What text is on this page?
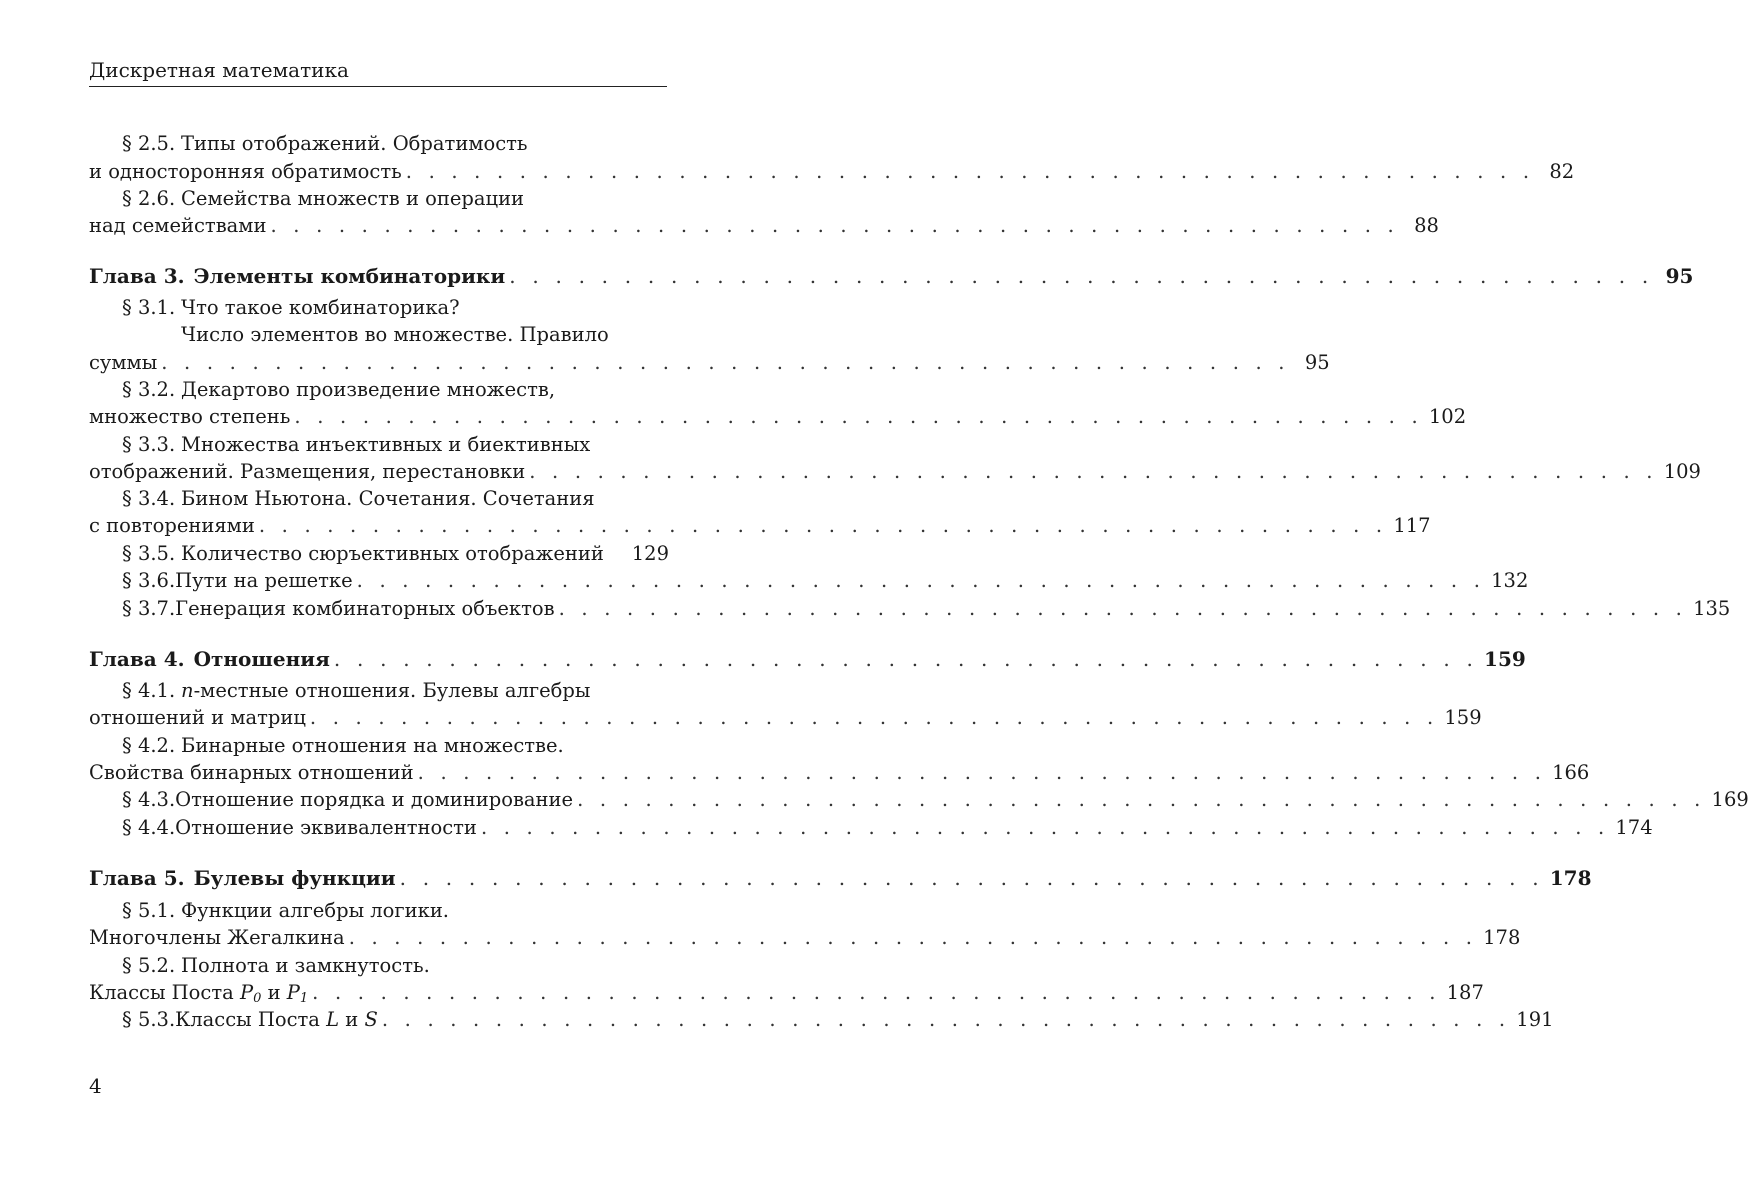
Дискретная математика
§ 2.5. Типы отображений. Обратимость
и односторонняя обратимость . . . . . . . . . . . . . . . . . . . . . . . . . . . . . . . . . . . . . . . . . . . . . . . . . . 82
§ 2.6. Семейства множеств и операции
над семействами . . . . . . . . . . . . . . . . . . . . . . . . . . . . . . . . . . . . . . . . . . . . . . . . . . 88
Глава 3. Элементы комбинаторики . . . . . . . . . . . . . . . . . . . . . . . . . . . . . . . . . . . . . . . . . . . . . . . . . . 95
§ 3.1. Что такое комбинаторика?
Число элементов во множестве. Правило
суммы . . . . . . . . . . . . . . . . . . . . . . . . . . . . . . . . . . . . . . . . . . . . . . . . . . 95
§ 3.2. Декартово произведение множеств,
множество степень . . . . . . . . . . . . . . . . . . . . . . . . . . . . . . . . . . . . . . . . . . . . . . . . . . 102
§ 3.3. Множества инъективных и биективных
отображений. Размещения, перестановки . . . . . . . . . . . . . . . . . . . . . . . . . . . . . . . . . . . . . . . . . . . . . . . . . . 109
§ 3.4. Бином Ньютона. Сочетания. Сочетания
с повторениями . . . . . . . . . . . . . . . . . . . . . . . . . . . . . . . . . . . . . . . . . . . . . . . . . . 117
§ 3.5. Количество сюръективных отображений 129
§ 3.6. Пути на решетке . . . . . . . . . . . . . . . . . . . . . . . . . . . . . . . . . . . . . . . . . . . . . . . . . . 132
§ 3.7. Генерация комбинаторных объектов . . . . . . . . . . . . . . . . . . . . . . . . . . . . . . . . . . . . . . . . . . . . . . . . . . 135
Глава 4. Отношения . . . . . . . . . . . . . . . . . . . . . . . . . . . . . . . . . . . . . . . . . . . . . . . . . . 159
§ 4.1. n-местные отношения. Булевы алгебры
отношений и матриц . . . . . . . . . . . . . . . . . . . . . . . . . . . . . . . . . . . . . . . . . . . . . . . . . . 159
§ 4.2. Бинарные отношения на множестве.
Свойства бинарных отношений . . . . . . . . . . . . . . . . . . . . . . . . . . . . . . . . . . . . . . . . . . . . . . . . . . 166
§ 4.3. Отношение порядка и доминирование . . . . . . . . . . . . . . . . . . . . . . . . . . . . . . . . . . . . . . . . . . . . . . . . . . 169
§ 4.4. Отношение эквивалентности . . . . . . . . . . . . . . . . . . . . . . . . . . . . . . . . . . . . . . . . . . . . . . . . . . 174
Глава 5. Булевы функции . . . . . . . . . . . . . . . . . . . . . . . . . . . . . . . . . . . . . . . . . . . . . . . . . . 178
§ 5.1. Функции алгебры логики.
Многочлены Жегалкина . . . . . . . . . . . . . . . . . . . . . . . . . . . . . . . . . . . . . . . . . . . . . . . . . . 178
§ 5.2. Полнота и замкнутость.
Классы Поста $P_0$ и $P_1$ . . . . . . . . . . . . . . . . . . . . . . . . . . . . . . . . . . . . . . . . . . . . . . . . . . 187
§ 5.3. Классы Поста L и S . . . . . . . . . . . . . . . . . . . . . . . . . . . . . . . . . . . . . . . . . . . . . . . . . . 191
4
